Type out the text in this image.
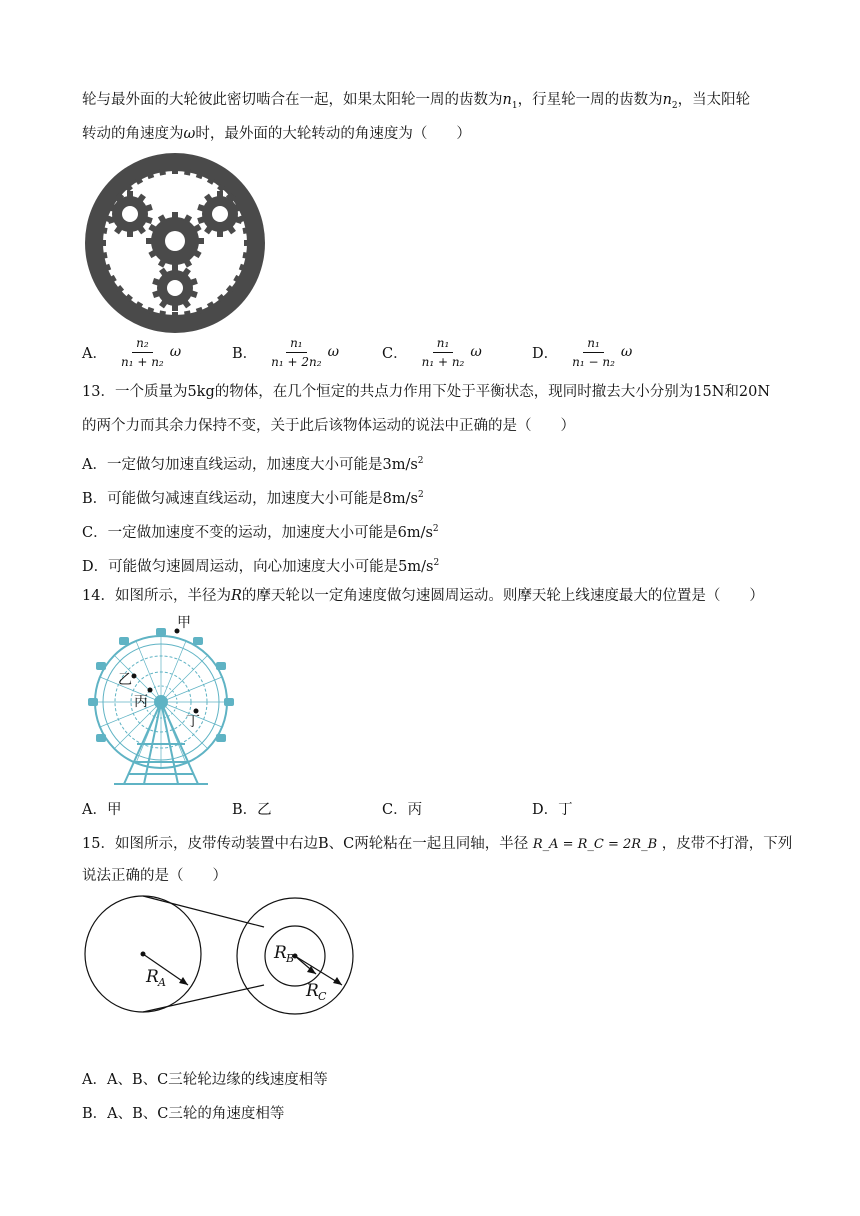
轮与最外面的大轮彼此密切啮合在一起，如果太阳轮一周的齿数为$n_1$，行星轮一周的齿数为$n_2$，当太阳轮
转动的角速度为ω时，最外面的大轮转动的角速度为（　　）
A． $\frac{\text{n₂}}{\text{n₁ + n₂}}$ ω	B． $\frac{\text{n₁}}{\text{n₁ + 2n₂}}$ ω	C． $\frac{\text{n₁}}{\text{n₁ + n₂}}$ ω	D． $\frac{\text{n₁}}{\text{n₁ − n₂}}$ ω
13．一个质量为5kg的物体，在几个恒定的共点力作用下处于平衡状态，现同时撤去大小分别为15N和20N
的两个力而其余力保持不变，关于此后该物体运动的说法中正确的是（　　）
A．一定做匀加速直线运动，加速度大小可能是$3m/s^2$
B．可能做匀减速直线运动，加速度大小可能是$8m/s^2$
C．一定做加速度不变的运动，加速度大小可能是$6m/s^2$
D．可能做匀速圆周运动，向心加速度大小可能是$5m/s^2$
14．如图所示，半径为R的摩天轮以一定角速度做匀速圆周运动。则摩天轮上线速度最大的位置是（　　）
甲
乙
丙
丁
A．甲	B．乙	C．丙	D．丁
15．如图所示，皮带传动装置中右边B、C两轮粘在一起且同轴，半径 R_A = R_C = 2R_B ，皮带不打滑，下列
说法正确的是（　　）
R A
R B
R C
A．A、B、C三轮轮边缘的线速度相等
B．A、B、C三轮的角速度相等
